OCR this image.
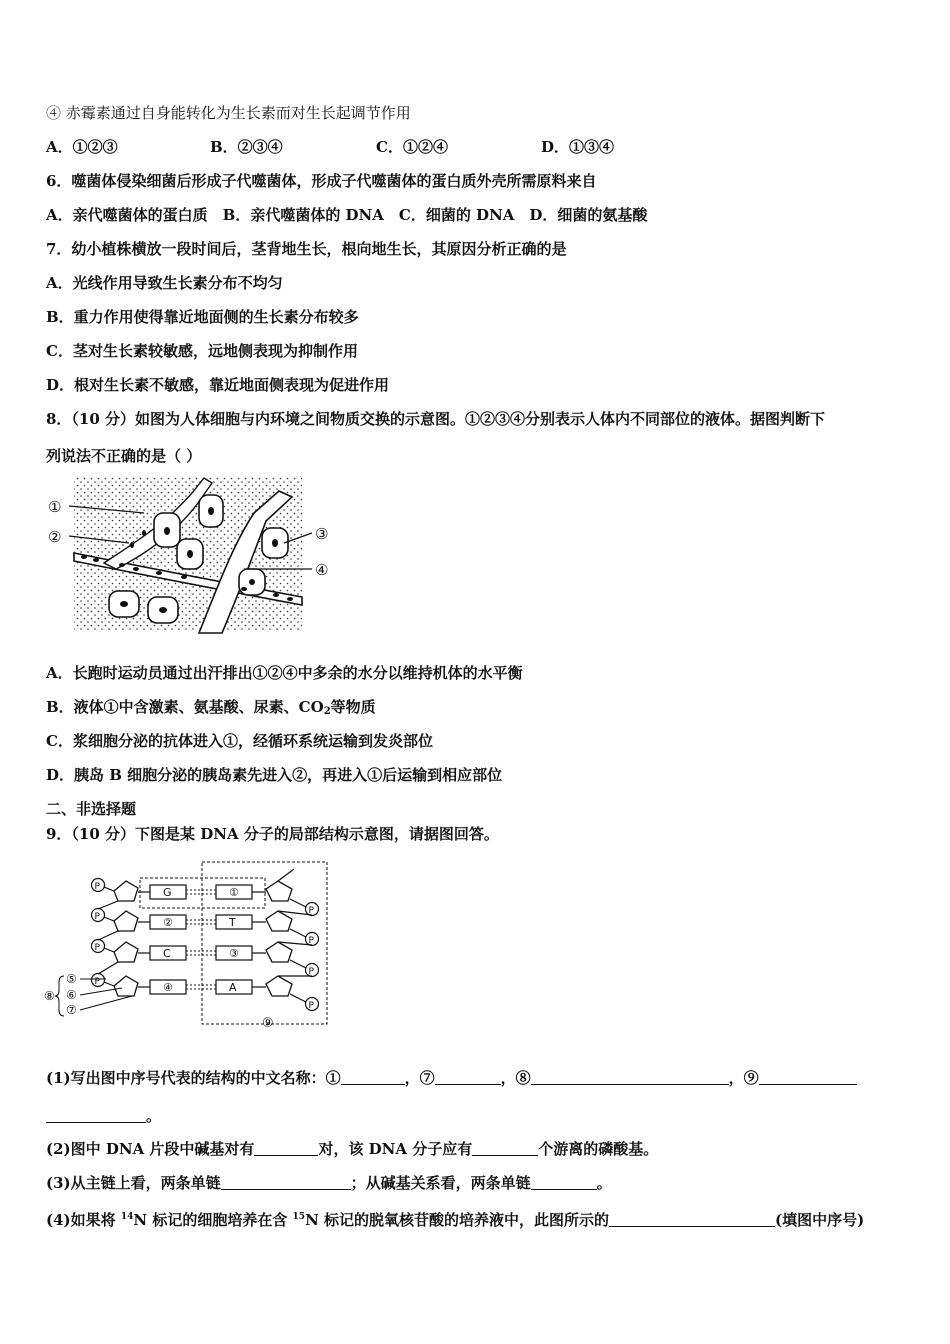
④ 赤霉素通过自身能转化为生长素而对生长起调节作用
A．①②③	B．②③④	C．①②④	D．①③④
6．噬菌体侵染细菌后形成子代噬菌体，形成子代噬菌体的蛋白质外壳所需原料来自
A．亲代噬菌体的蛋白质　B．亲代噬菌体的 DNA　C．细菌的 DNA　D．细菌的氨基酸
7．幼小植株横放一段时间后，茎背地生长，根向地生长，其原因分析正确的是
A．光线作用导致生长素分布不均匀
B．重力作用使得靠近地面侧的生长素分布较多
C．茎对生长素较敏感，远地侧表现为抑制作用
D．根对生长素不敏感，靠近地面侧表现为促进作用
8．（10 分）如图为人体细胞与内环境之间物质交换的示意图。①②③④分别表示人体内不同部位的液体。据图判断下
列说法不正确的是（ ）
①
②	③
④
A．长跑时运动员通过出汗排出①②④中多余的水分以维持机体的水平衡
B．液体①中含激素、氨基酸、尿素、$CO_2$等物质
C．浆细胞分泌的抗体进入①，经循环系统运输到发炎部位
D．胰岛 B 细胞分泌的胰岛素先进入②，再进入①后运输到相应部位
二、非选择题
9．（10 分）下图是某 DNA 分子的局部结构示意图，请据图回答。
P	G	①
P
P	②	T
P
P	C	③
P
P	④	A
P
⑤
⑥
⑦
⑧
⑨
(1)写出图中序号代表的结构的中文名称：①	，⑦	，⑧	，⑨
。
(2)图中 DNA 片段中碱基对有	对，该 DNA 分子应有	个游离的磷酸基。
(3)从主链上看，两条单链	；从碱基关系看，两条单链	。
(4)如果将 $^{14}$N 标记的细胞培养在含 $^{15}$N 标记的脱氧核苷酸的培养液中，此图所示的	(填图中序号)
